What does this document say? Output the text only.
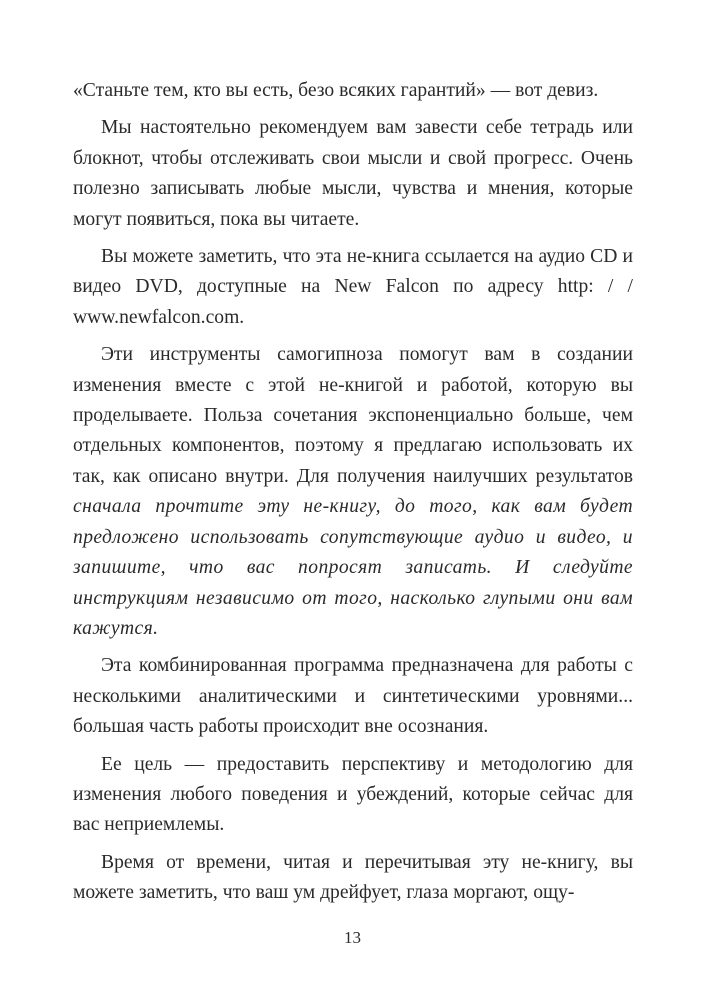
«Станьте тем, кто вы есть, безо всяких гарантий» — вот девиз.

Мы настоятельно рекомендуем вам завести себе тетрадь или блокнот, чтобы отслеживать свои мысли и свой прогресс. Очень полезно записывать любые мысли, чувства и мнения, которые могут появиться, пока вы читаете.

Вы можете заметить, что эта не-книга ссылается на аудио CD и видео DVD, доступные на New Falcon по адресу http: / / www.newfalcon.com.

Эти инструменты самогипноза помогут вам в создании изменения вместе с этой не-книгой и работой, которую вы проделываете. Польза сочетания экспоненциально больше, чем отдельных компонентов, поэтому я предлагаю использовать их так, как описано внутри. Для получения наилучших результатов сначала прочтите эту не-книгу, до того, как вам будет предложено использовать сопутствующие аудио и видео, и запишите, что вас попросят записать. И следуйте инструкциям независимо от того, насколько глупыми они вам кажутся.

Эта комбинированная программа предназначена для работы с несколькими аналитическими и синтетическими уровнями... большая часть работы происходит вне осознания.

Ее цель — предоставить перспективу и методологию для изменения любого поведения и убеждений, которые сейчас для вас неприемлемы.

Время от времени, читая и перечитывая эту не-книгу, вы можете заметить, что ваш ум дрейфует, глаза моргают, ощу-

13
